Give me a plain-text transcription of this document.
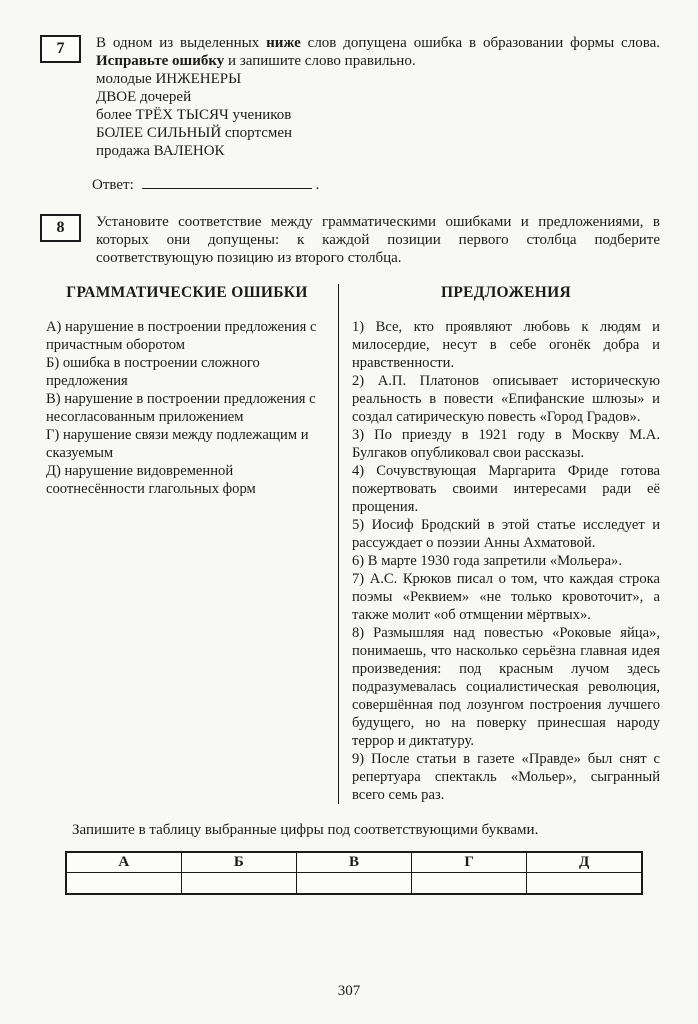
7	В одном из выделенных ниже слов допущена ошибка в образовании формы слова. Исправьте ошибку и запишите слово правильно.

молодые ИНЖЕНЕРЫ
ДВОЕ дочерей
более ТРЁХ ТЫСЯЧ учеников
БОЛЕЕ СИЛЬНЫЙ спортсмен
продажа ВАЛЕНОК
Ответ:	.
8	Установите соответствие между грамматическими ошибками и предложениями, в которых они допущены: к каждой позиции первого столбца подберите соответствующую позицию из второго столбца.

ГРАММАТИЧЕСКИЕ ОШИБКИ

А) нарушение в построении предложения с причастным оборотом
Б) ошибка в построении сложного предложения
В) нарушение в построении предложения с несогласованным приложением
Г) нарушение связи между подлежащим и сказуемым
Д) нарушение видовременной соотнесённости глагольных форм

ПРЕДЛОЖЕНИЯ

1) Все, кто проявляют любовь к людям и милосердие, несут в себе огонёк добра и нравственности.
2) А.П. Платонов описывает историческую реальность в повести «Епифанские шлюзы» и создал сатирическую повесть «Город Градов».
3) По приезду в 1921 году в Москву М.А. Булгаков опубликовал свои рассказы.
4) Сочувствующая Маргарита Фриде готова пожертвовать своими интересами ради её прощения.
5) Иосиф Бродский в этой статье исследует и рассуждает о поэзии Анны Ахматовой.
6) В марте 1930 года запретили «Мольера».
7) А.С. Крюков писал о том, что каждая строка поэмы «Реквием» «не только кровоточит», а также молит «об отмщении мёртвых».
8) Размышляя над повестью «Роковые яйца», понимаешь, что насколько серьёзна главная идея произведения: под красным лучом здесь подразумевалась социалистическая революция, совершённая под лозунгом построения лучшего будущего, но на поверку принесшая народу террор и диктатуру.
9) После статьи в газете «Правде» был снят с репертуара спектакль «Мольер», сыгранный всего семь раз.

Запишите в таблицу выбранные цифры под соответствующими буквами.

А	Б	В	Г	Д

307
